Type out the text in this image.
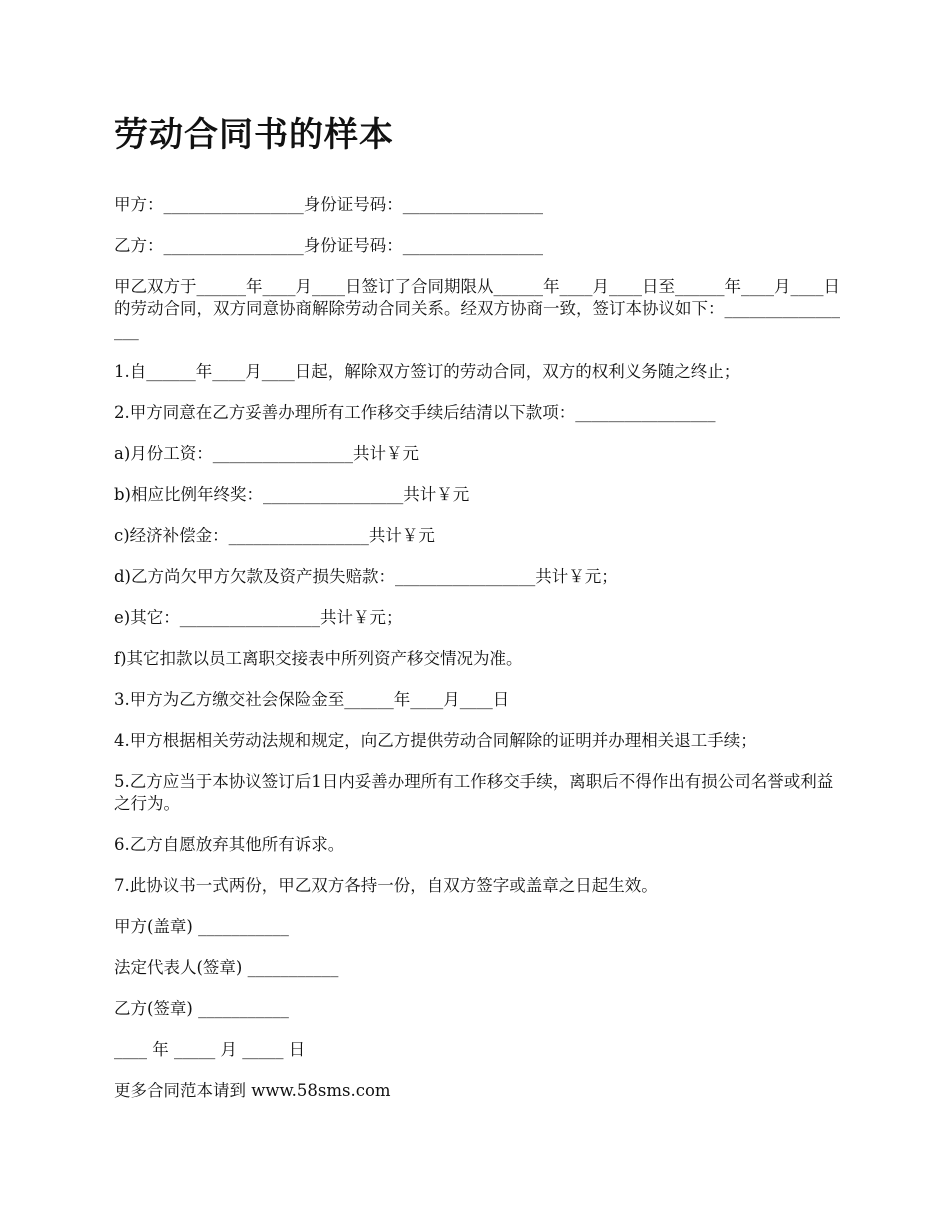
劳动合同书的样本

甲方：_________________身份证号码：_________________

乙方：_________________身份证号码：_________________

甲乙双方于______年____月____日签订了合同期限从______年____月____日至______年____月____日的劳动合同，双方同意协商解除劳动合同关系。经双方协商一致，签订本协议如下：_________________

1.自______年____月____日起，解除双方签订的劳动合同，双方的权利义务随之终止；

2.甲方同意在乙方妥善办理所有工作移交手续后结清以下款项：_________________

a)月份工资：_________________共计￥元

b)相应比例年终奖：_________________共计￥元

c)经济补偿金：_________________共计￥元

d)乙方尚欠甲方欠款及资产损失赔款：_________________共计￥元；

e)其它：_________________共计￥元；

f)其它扣款以员工离职交接表中所列资产移交情况为准。

3.甲方为乙方缴交社会保险金至______年____月____日

4.甲方根据相关劳动法规和规定，向乙方提供劳动合同解除的证明并办理相关退工手续；

5.乙方应当于本协议签订后1日内妥善办理所有工作移交手续，离职后不得作出有损公司名誉或利益之行为。

6.乙方自愿放弃其他所有诉求。

7.此协议书一式两份，甲乙双方各持一份，自双方签字或盖章之日起生效。

甲方(盖章) ___________

法定代表人(签章) ___________

乙方(签章) ___________

____ 年 _____ 月 _____ 日

更多合同范本请到 www.58sms.com
